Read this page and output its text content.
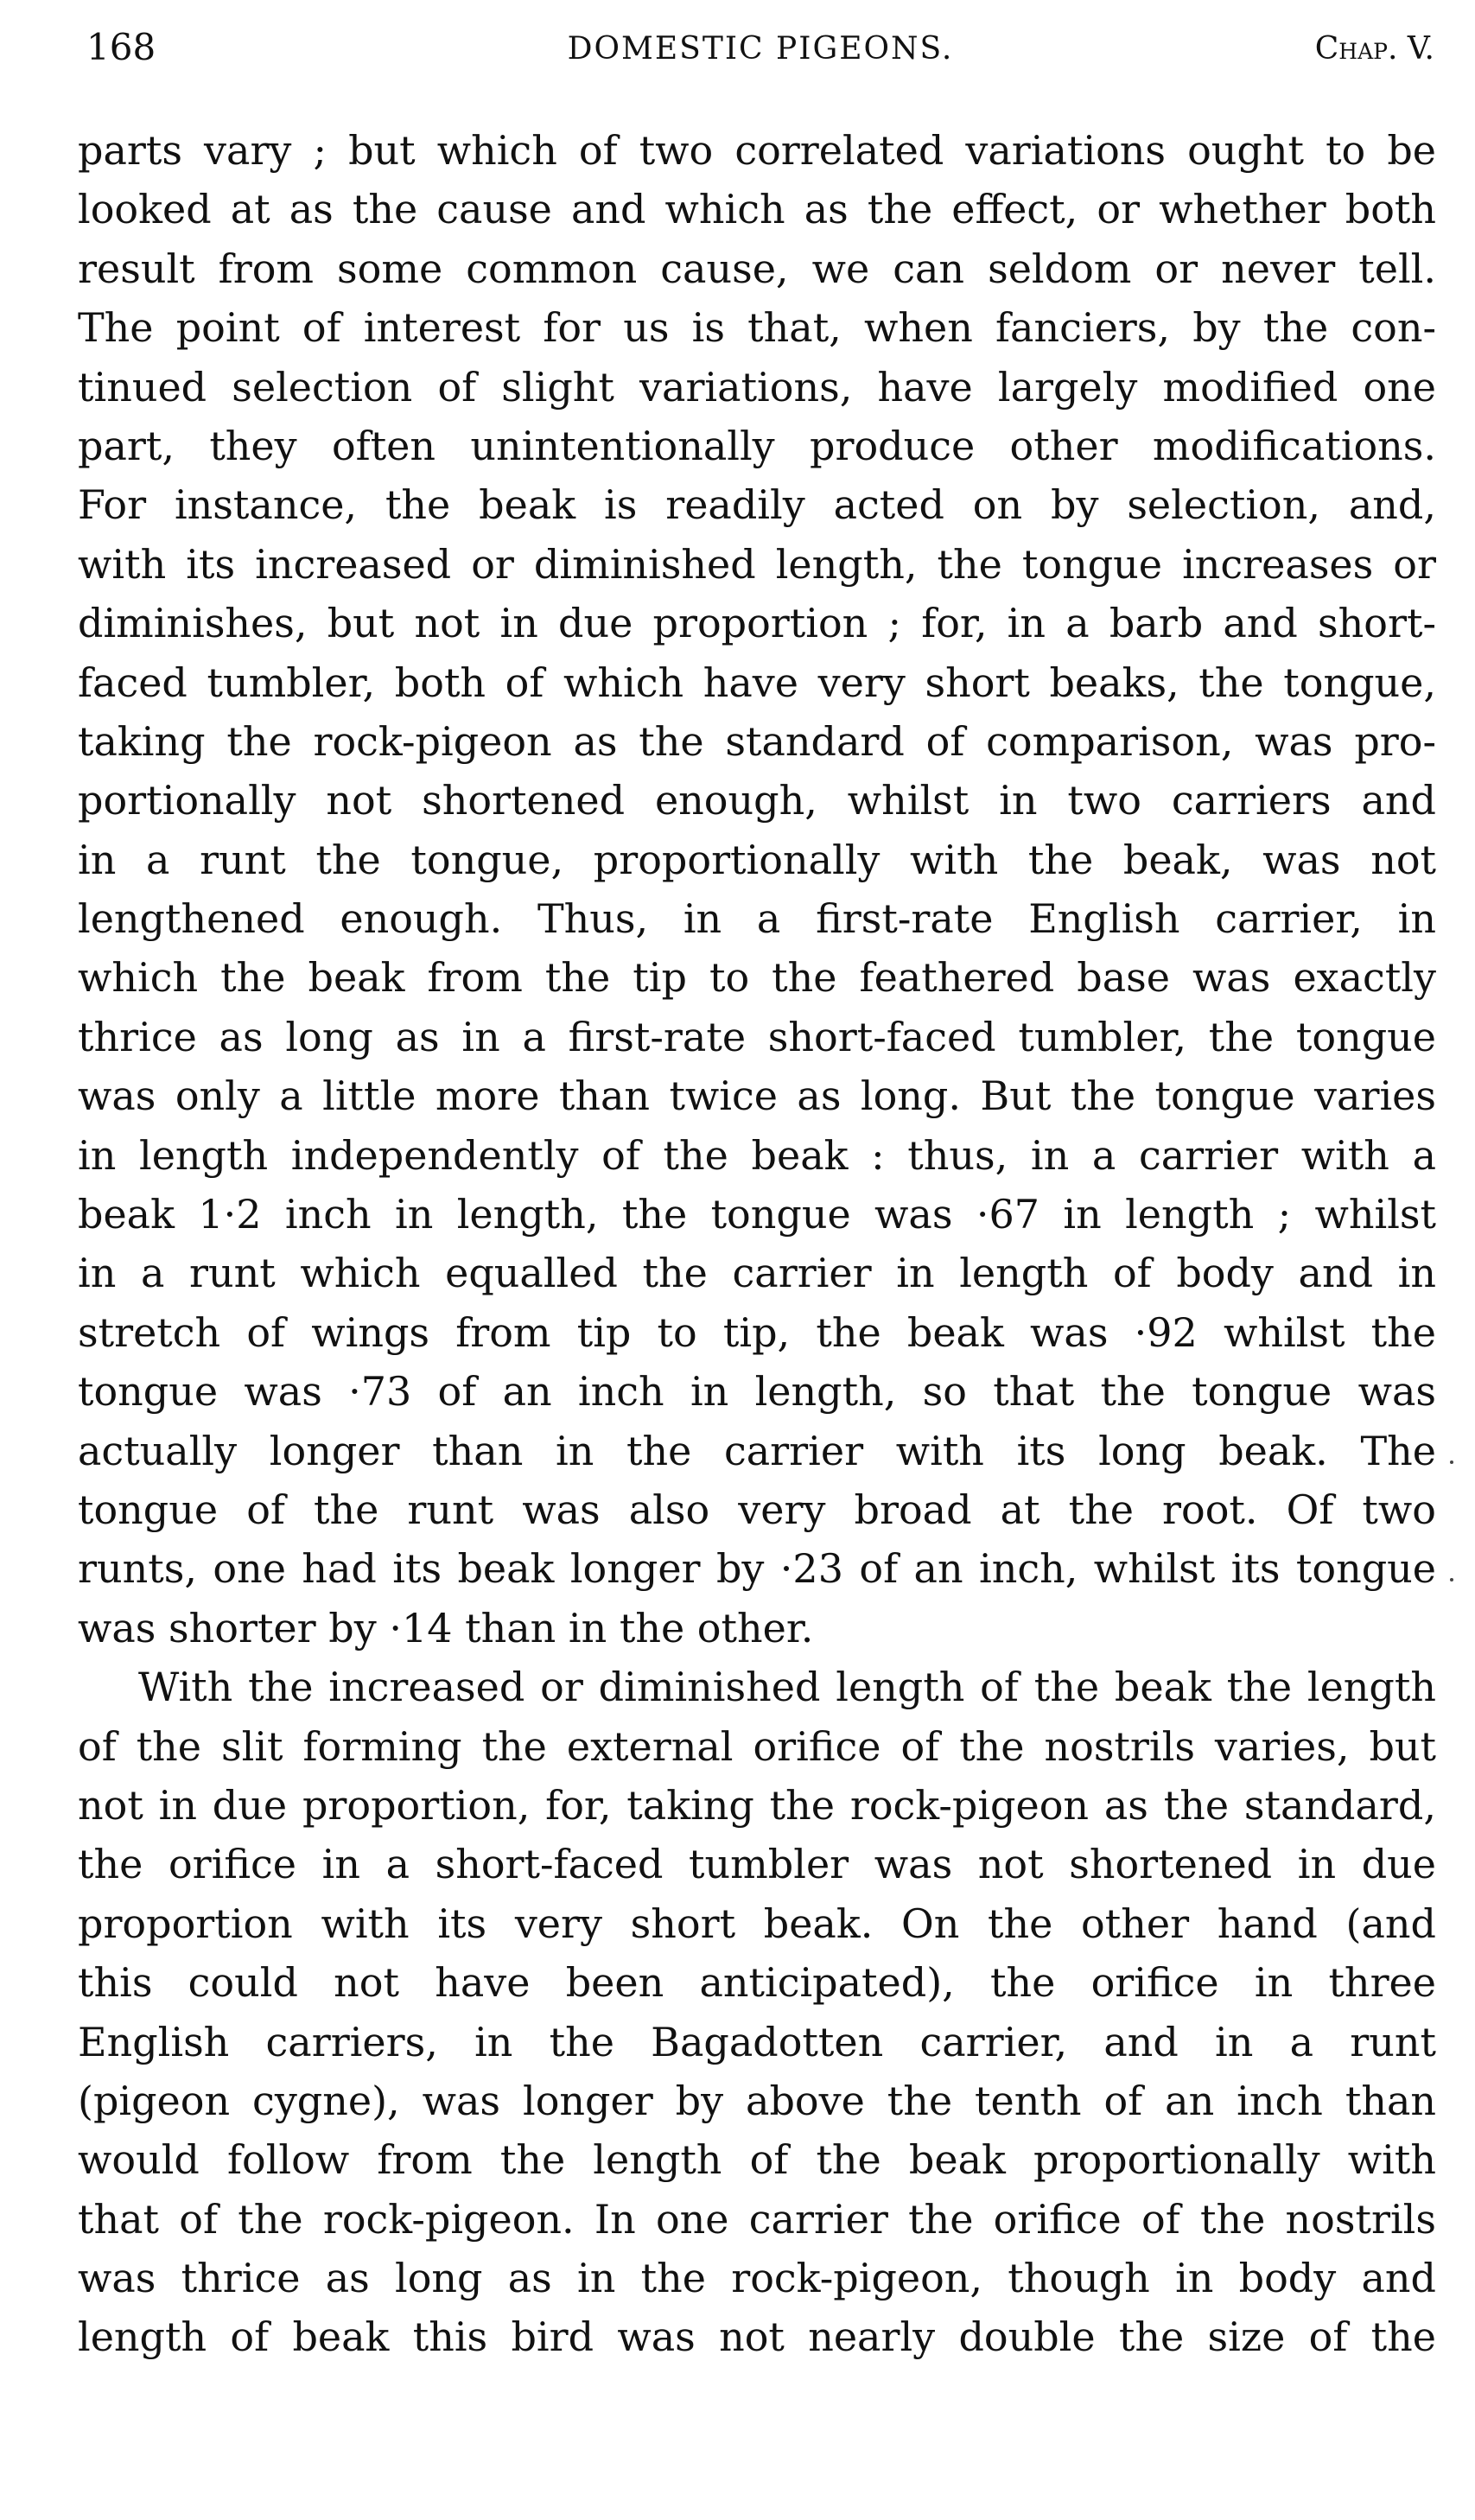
168	DOMESTIC PIGEONS.	Chap. V.
parts vary ; but which of two correlated variations ought to be
looked at as the cause and which as the effect, or whether both
result from some common cause, we can seldom or never tell.
The point of interest for us is that, when fanciers, by the con-
tinued selection of slight variations, have largely modified one
part, they often unintentionally produce other modifications.
For instance, the beak is readily acted on by selection, and,
with its increased or diminished length, the tongue increases or
diminishes, but not in due proportion ; for, in a barb and short-
faced tumbler, both of which have very short beaks, the tongue,
taking the rock-pigeon as the standard of comparison, was pro-
portionally not shortened enough, whilst in two carriers and
in a runt the tongue, proportionally with the beak, was not
lengthened enough. Thus, in a first-rate English carrier, in
which the beak from the tip to the feathered base was exactly
thrice as long as in a first-rate short-faced tumbler, the tongue
was only a little more than twice as long. But the tongue varies
in length independently of the beak : thus, in a carrier with a
beak 1·2 inch in length, the tongue was ·67 in length ; whilst
in a runt which equalled the carrier in length of body and in
stretch of wings from tip to tip, the beak was ·92 whilst the
tongue was ·73 of an inch in length, so that the tongue was
actually longer than in the carrier with its long beak. The
tongue of the runt was also very broad at the root. Of two
runts, one had its beak longer by ·23 of an inch, whilst its tongue
was shorter by ·14 than in the other.
With the increased or diminished length of the beak the length
of the slit forming the external orifice of the nostrils varies, but
not in due proportion, for, taking the rock-pigeon as the standard,
the orifice in a short-faced tumbler was not shortened in due
proportion with its very short beak. On the other hand (and
this could not have been anticipated), the orifice in three
English carriers, in the Bagadotten carrier, and in a runt
(pigeon cygne), was longer by above the tenth of an inch than
would follow from the length of the beak proportionally with
that of the rock-pigeon. In one carrier the orifice of the nostrils
was thrice as long as in the rock-pigeon, though in body and
length of beak this bird was not nearly double the size of the
